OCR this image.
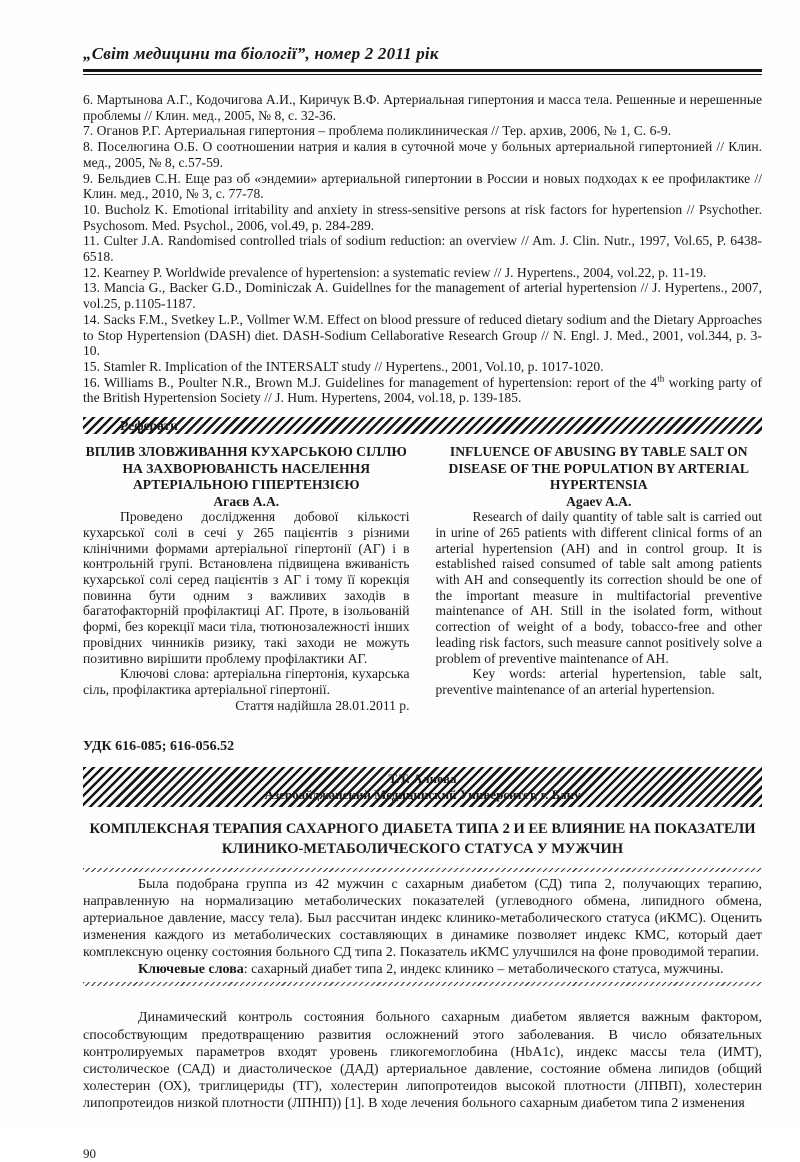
„Світ медицини та біології”, номер 2 2011 рік

6. Мартынова А.Г., Кодочигова А.И., Киричук В.Ф. Артериальная гипертония и масса тела. Решенные и нерешенные проблемы // Клин. мед., 2005, № 8, с. 32-36.

7. Оганов Р.Г. Артериальная гипертония – проблема поликлиническая // Тер. архив, 2006, № 1, С. 6-9.

8. Поселюгина О.Б. О соотношении натрия и калия в суточной моче у больных артериальной гипертонией // Клин. мед., 2005, № 8, с.57-59.

9. Бельдиев С.Н. Еще раз об «эндемии» артериальной гипертонии в России и новых подходах к ее профилактике // Клин. мед., 2010, № 3, с. 77-78.

10. Bucholz K. Emotional irritability and anxiety in stress-sensitive persons at risk factors for hypertension // Psychother. Psychosom. Med. Psychol., 2006, vol.49, p. 284-289.

11. Culter J.A. Randomised controlled trials of sodium reduction: an overview // Am. J. Clin. Nutr., 1997, Vol.65, P. 6438-6518.

12. Kearney P. Worldwide prevalence of hypertension: a systematic review // J. Hypertens., 2004, vol.22, p. 11-19.

13. Mancia G., Backer G.D., Dominiczak A. Guidellnes for the management of arterial hypertension // J. Hypertens., 2007, vol.25, p.1105-1187.

14. Sacks F.M., Svetkey L.P., Vollmer W.M. Effect on blood pressure of reduced dietary sodium and the Dietary Approaches to Stop Hypertension (DASH) diet. DASH-Sodium Cellaborative Research Group // N. Engl. J. Med., 2001, vol.344, p. 3-10.

15. Stamler R. Implication of the INTERSALT study // Hypertens., 2001, Vol.10, p. 1017-1020.

16. Williams B., Poulter N.R., Brown M.J. Guidelines for management of hypertension: report of the 4th working party of the British Hypertension Society // J. Hum. Hypertens, 2004, vol.18, p. 139-185.

Реферати

ВПЛИВ ЗЛОВЖИВАННЯ КУХАРСЬКОЮ СІЛЛЮ НА ЗАХВОРЮВАНІСТЬ НАСЕЛЕННЯ АРТЕРІАЛЬНОЮ ГІПЕРТЕНЗІЄЮ

Агаєв А.А.

Проведено дослідження добової кількості кухарської солі в сечі у 265 пацієнтів з різними клінічними формами артеріальної гіпертонії (АГ) і в контрольній групі. Встановлена підвищена вживаність кухарської солі серед пацієнтів з АГ і тому її корекція повинна бути одним з важливих заходів в багатофакторній профілактиці АГ. Проте, в ізольованій формі, без корекції маси тіла, тютюнозалежності інших провідних чинників ризику, такі заходи не можуть позитивно вирішити проблему профілактики АГ.

Ключові слова: артеріальна гіпертонія, кухарська сіль, профілактика артеріальної гіпертонії.

Стаття надійшла 28.01.2011 р.

INFLUENCE OF ABUSING BY TABLE SALT ON DISEASE OF THE POPULATION BY ARTERIAL HYPERTENSIA

Agaev A.A.

Research of daily quantity of table salt is carried out in urine of 265 patients with different clinical forms of an arterial hypertension (AH) and in control group. It is established raised consumed of table salt among patients with AH and consequently its correction should be one of the important measure in multifactorial preventive maintenance of AH. Still in the isolated form, without correction of weight of a body, tobacco-free and other leading risk factors, such measure cannot positively solve a problem of preventive maintenance of AH.

Key words: arterial hypertension, table salt, preventive maintenance of an arterial hypertension.

УДК 616-085; 616-056.52

Т.Т. Алиева
Азербайджанский Медицинский Университет, г. Баку

КОМПЛЕКСНАЯ ТЕРАПИЯ САХАРНОГО ДИАБЕТА ТИПА 2 И ЕЕ ВЛИЯНИЕ НА ПОКАЗАТЕЛИ КЛИНИКО-МЕТАБОЛИЧЕСКОГО СТАТУСА У МУЖЧИН

Была подобрана группа из 42 мужчин с сахарным диабетом (СД) типа 2, получающих терапию, направленную на нормализацию метаболических показателей (углеводного обмена, липидного обмена, артериальное давление, массу тела). Был рассчитан индекс клинико-метаболического статуса (иКМС). Оценить изменения каждого из метаболических составляющих в динамике позволяет индекс КМС, который дает комплексную оценку состояния больного СД типа 2. Показатель иКМС улучшился на фоне проводимой терапии.

Ключевые слова: сахарный диабет типа 2, индекс клинико – метаболического статуса, мужчины.

Динамический контроль состояния больного сахарным диабетом является важным фактором, способствующим предотвращению развития осложнений этого заболевания. В число обязательных контролируемых параметров входят уровень гликогемоглобина (HbA1c), индекс массы тела (ИМТ), систолическое (САД) и диастолическое (ДАД) артериальное давление, состояние обмена липидов (общий холестерин (ОХ), триглицериды (ТГ), холестерин липопротеидов высокой плотности (ЛПВП), холестерин липопротеидов низкой плотности (ЛПНП)) [1]. В ходе лечения больного сахарным диабетом типа 2 изменения

90
